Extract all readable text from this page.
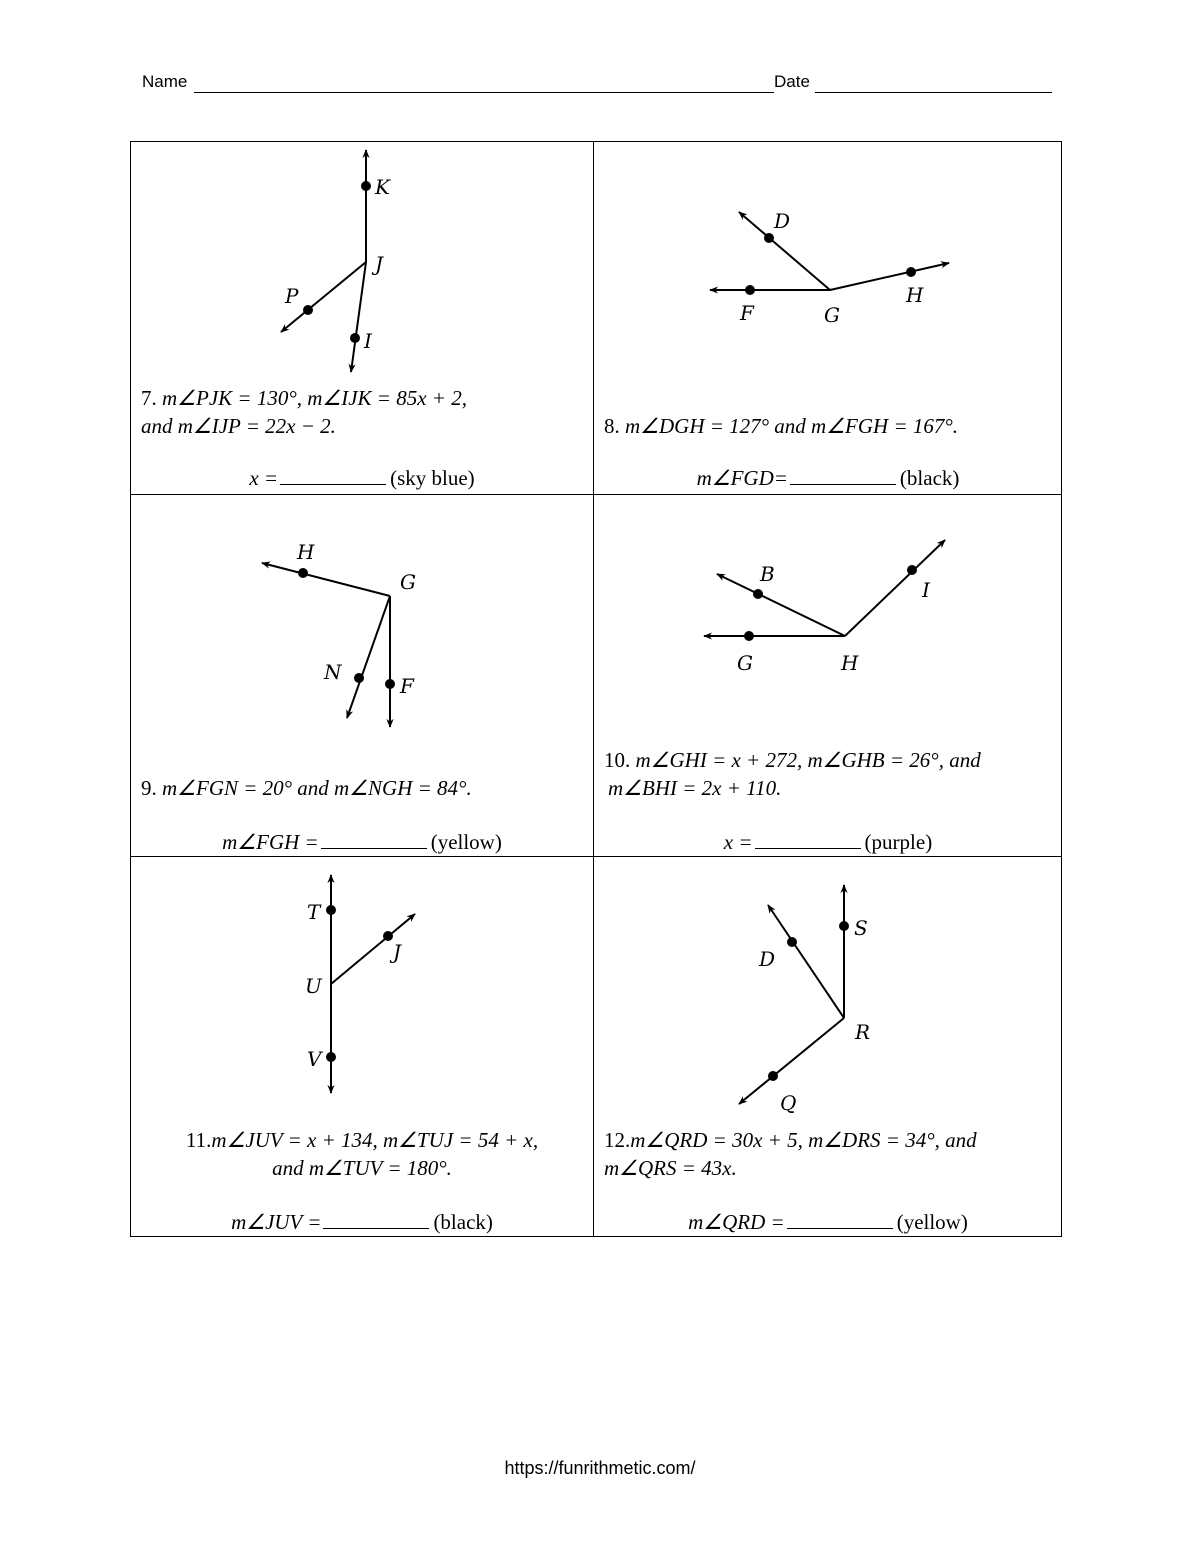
Name	Date
K
J
P
I
7. m∠PJK = 130°, m∠IJK = 85x + 2,
and m∠IJP = 22x − 2.
x =	(sky blue)
D
F	G
H
8. m∠DGH = 127° and m∠FGH = 167°.
m∠FGD=	(black)
H
G
N
F
9. m∠FGN = 20° and m∠NGH = 84°.
m∠FGH =	(yellow)
B
I
G	H
10. m∠GHI = x + 272, m∠GHB = 26°, and
m∠BHI = 2x + 110.
x =	(purple)
T
J
U
V
11.m∠JUV = x + 134, m∠TUJ = 54 + x,
and m∠TUV = 180°.
m∠JUV =	(black)
S
D
R
Q
12.m∠QRD = 30x + 5, m∠DRS = 34°, and
m∠QRS = 43x.
m∠QRD =	(yellow)
https://funrithmetic.com/
